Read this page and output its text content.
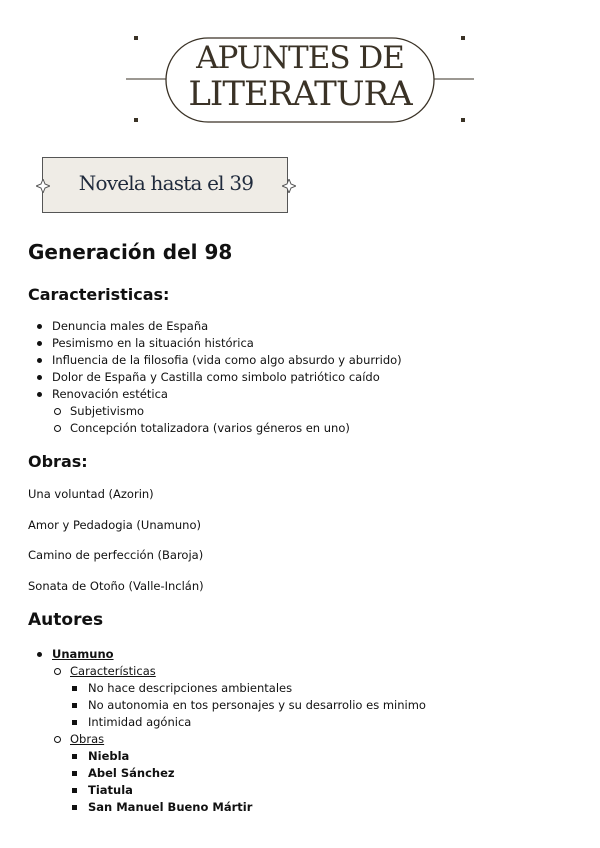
APUNTES DE
LITERATURA
Novela hasta el 39
Generación del 98
Caracteristicas:
Denuncia males de España
Pesimismo en la situación histórica
Influencia de la filosofia (vida como algo absurdo y aburrido)
Dolor de España y Castilla como simbolo patriótico caído
Renovación estética
Subjetivismo
Concepción totalizadora (varios géneros en uno)
Obras:

Una voluntad (Azorin)

Amor y Pedadogia (Unamuno)

Camino de perfección (Baroja)

Sonata de Otoño (Valle-Inclán)

Autores
Unamuno
Características
No hace descripciones ambientales
No autonomia en tos personajes y su desarrolio es minimo
Intimidad agónica
Obras
Niebla
Abel Sánchez
Tiatula
San Manuel Bueno Mártir
